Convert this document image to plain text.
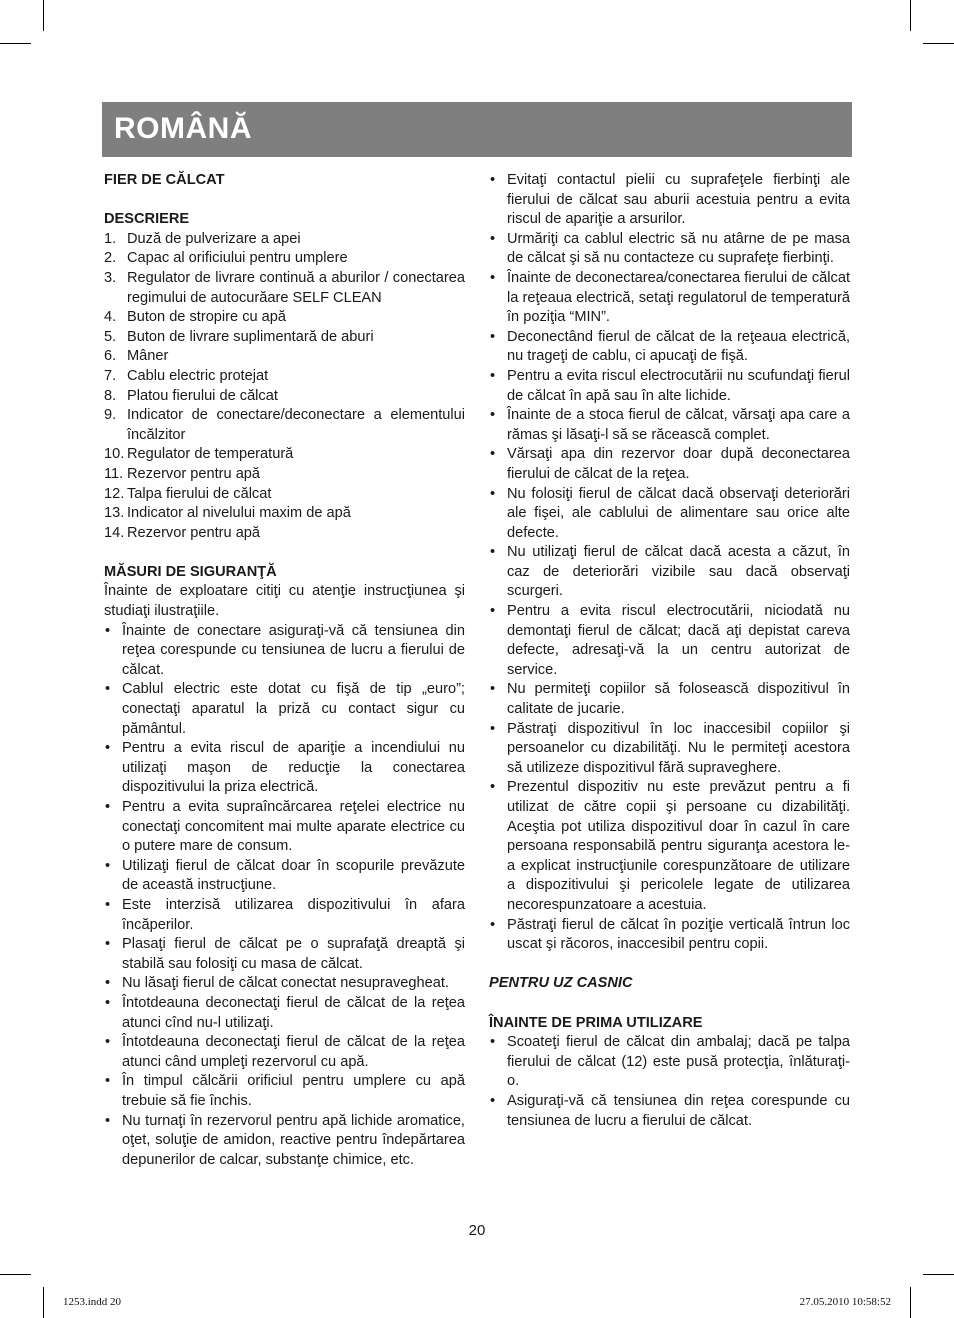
ROMÂNĂ

FIER DE CĂLCAT

DESCRIERE

1. Duză de pulverizare a apei
2. Capac al orificiului pentru umplere
3. Regulator de livrare continuă a aburilor / conectarea regimului de autocurăare SELF CLEAN
4. Buton de stropire cu apă
5. Buton de livrare suplimentară de aburi
6. Mâner
7. Cablu electric protejat
8. Platou fierului de călcat
9. Indicator de conectare/deconectare a elementului încălzitor
10. Regulator de temperatură
11. Rezervor pentru apă
12. Talpa fierului de călcat
13. Indicator al nivelului maxim de apă
14. Rezervor pentru apă

MĂSURI DE SIGURANŢĂ

Înainte de exploatare citiţi cu atenţie instrucţiunea şi studiaţi ilustraţiile.

• Înainte de conectare asiguraţi-vă că tensiunea din reţea corespunde cu tensiunea de lucru a fierului de călcat.
• Cablul electric este dotat cu fişă de tip „euro”; conectaţi aparatul la priză cu contact sigur cu pământul.
• Pentru a evita riscul de apariţie a incendiului nu utilizaţi maşon de reducţie la conectarea dispozitivului la priza electrică.
• Pentru a evita supraîncărcarea reţelei electrice nu conectaţi concomitent mai multe aparate electrice cu o putere mare de consum.
• Utilizaţi fierul de călcat doar în scopurile prevăzute de această instrucţiune.
• Este interzisă utilizarea dispozitivului în afara încăperilor.
• Plasaţi fierul de călcat pe o suprafaţă dreaptă şi stabilă sau folosiţi cu masa de călcat.
• Nu lăsaţi fierul de călcat conectat nesupravegheat.
• Întotdeauna deconectaţi fierul de călcat de la reţea atunci cînd nu-l utilizaţi.
• Întotdeauna deconectaţi fierul de călcat de la reţea atunci când umpleţi rezervorul cu apă.
• În timpul călcării orificiul pentru umplere cu apă trebuie să fie închis.
• Nu turnaţi în rezervorul pentru apă lichide aromatice, oţet, soluţie de amidon, reactive pentru îndepărtarea depunerilor de calcar, substanţe chimice, etc.
• Evitaţi contactul pielii cu suprafeţele fierbinţi ale fierului de călcat sau aburii acestuia pentru a evita riscul de apariţie a arsurilor.
• Urmăriţi ca cablul electric să nu atârne de pe masa de călcat şi să nu contacteze cu suprafeţe fierbinţi.
• Înainte de deconectarea/conectarea fierului de călcat la reţeaua electrică, setaţi regulatorul de temperatură în poziţia “MIN”.
• Deconectând fierul de călcat de la reţeaua electrică, nu trageţi de cablu, ci apucaţi de fişă.
• Pentru a evita riscul electrocutării nu scufundaţi fierul de călcat în apă sau în alte lichide.
• Înainte de a stoca fierul de călcat, vărsaţi apa care a rămas şi lăsaţi-l să se răcească complet.
• Vărsaţi apa din rezervor doar după deconectarea fierului de călcat de la reţea.
• Nu folosiţi fierul de călcat dacă observaţi deteriorări ale fişei, ale cablului de alimentare sau orice alte defecte.
• Nu utilizaţi fierul de călcat dacă acesta a căzut, în caz de deteriorări vizibile sau dacă observaţi scurgeri.
• Pentru a evita riscul electrocutării, niciodată nu demontaţi fierul de călcat; dacă aţi depistat careva defecte, adresaţi-vă la un centru autorizat de service.
• Nu permiteţi copiilor să folosească dispozitivul în calitate de jucarie.
• Păstraţi dispozitivul în loc inaccesibil copiilor şi persoanelor cu dizabilităţi. Nu le permiteţi acestora să utilizeze dispozitivul fără supraveghere.
• Prezentul dispozitiv nu este prevăzut pentru a fi utilizat de către copii şi persoane cu dizabilităţi. Aceştia pot utiliza dispozitivul doar în cazul în care persoana responsabilă pentru siguranţa acestora le-a explicat instrucţiunile corespunzătoare de utilizare a dispozitivului şi pericolele legate de utilizarea necorespunzatoare a acestuia.
• Păstraţi fierul de călcat în poziţie verticală întrun loc uscat şi răcoros, inaccesibil pentru copii.

PENTRU UZ CASNIC

ÎNAINTE DE PRIMA UTILIZARE

• Scoateţi fierul de călcat din ambalaj; dacă pe talpa fierului de călcat (12) este pusă protecţia, înlăturaţi-o.
• Asiguraţi-vă că tensiunea din reţea corespunde cu tensiunea de lucru a fierului de călcat.
20
1253.indd 20	27.05.2010 10:58:52
